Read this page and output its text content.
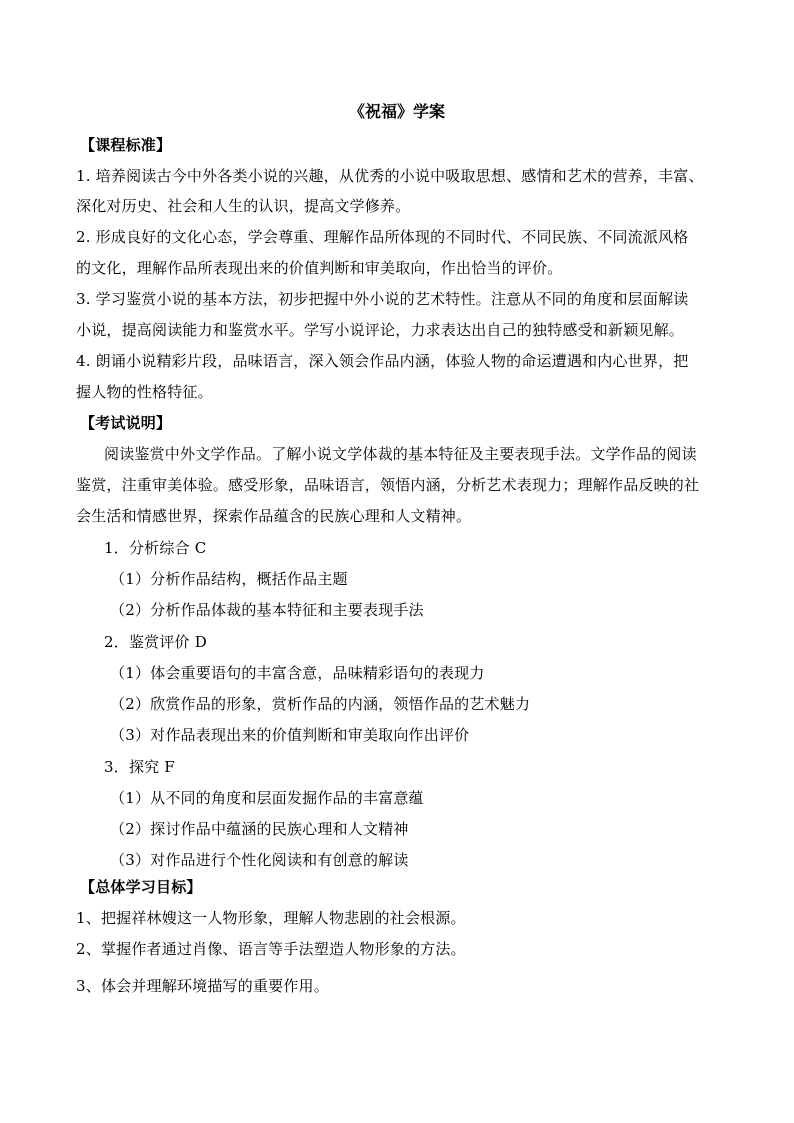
《祝福》学案
【课程标准】
1. 培养阅读古今中外各类小说的兴趣，从优秀的小说中吸取思想、感情和艺术的营养，丰富、
深化对历史、社会和人生的认识，提高文学修养。
2. 形成良好的文化心态，学会尊重、理解作品所体现的不同时代、不同民族、不同流派风格
的文化，理解作品所表现出来的价值判断和审美取向，作出恰当的评价。
3. 学习鉴赏小说的基本方法，初步把握中外小说的艺术特性。注意从不同的角度和层面解读
小说，提高阅读能力和鉴赏水平。学写小说评论，力求表达出自己的独特感受和新颖见解。
4. 朗诵小说精彩片段，品味语言，深入领会作品内涵，体验人物的命运遭遇和内心世界，把
握人物的性格特征。
【考试说明】
阅读鉴赏中外文学作品。了解小说文学体裁的基本特征及主要表现手法。文学作品的阅读
鉴赏，注重审美体验。感受形象，品味语言，领悟内涵，分析艺术表现力；理解作品反映的社
会生活和情感世界，探索作品蕴含的民族心理和人文精神。
1．分析综合 C
（1）分析作品结构，概括作品主题
（2）分析作品体裁的基本特征和主要表现手法
2．鉴赏评价 D
（1）体会重要语句的丰富含意，品味精彩语句的表现力
（2）欣赏作品的形象，赏析作品的内涵，领悟作品的艺术魅力
（3）对作品表现出来的价值判断和审美取向作出评价
3．探究 F
（1）从不同的角度和层面发掘作品的丰富意蕴
（2）探讨作品中蕴涵的民族心理和人文精神
（3）对作品进行个性化阅读和有创意的解读
【总体学习目标】
1、把握祥林嫂这一人物形象，理解人物悲剧的社会根源。
2、掌握作者通过肖像、语言等手法塑造人物形象的方法。
3、体会并理解环境描写的重要作用。
